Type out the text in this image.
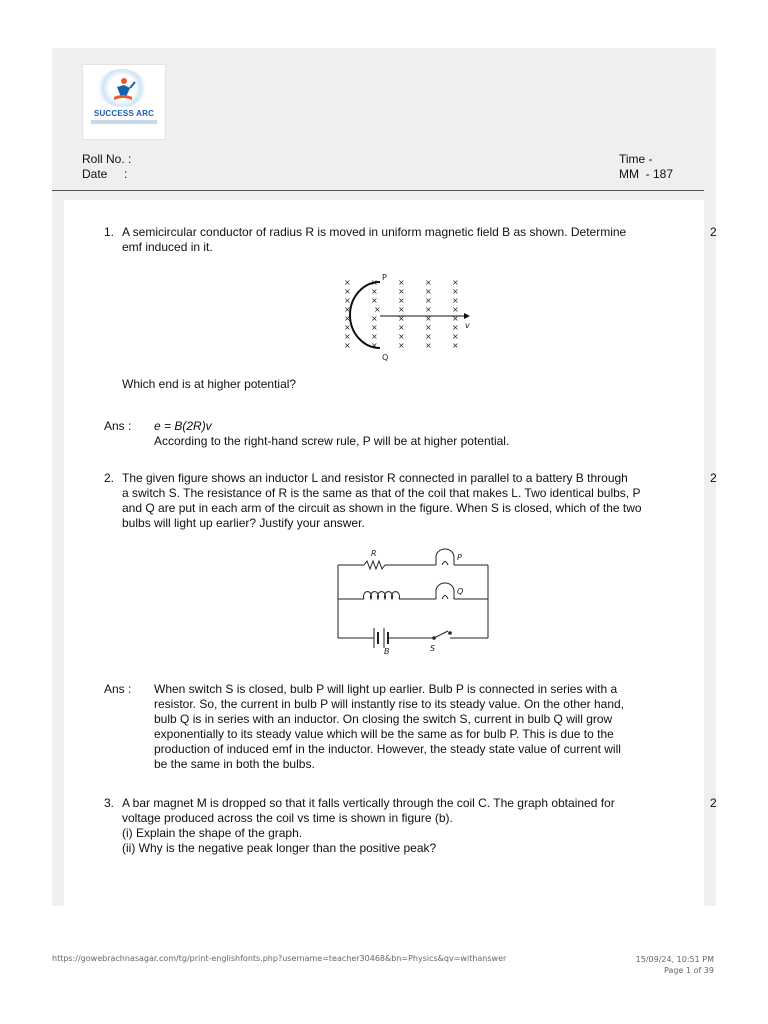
SUCCESS ARC
Roll No. :
Date     :
Time -
MM  - 187
1. A semicircular conductor of radius R is moved in uniform magnetic field B as shown. Determine
emf induced in it.
2
×	×	×	×	×
×	×	×	×	×
×	×	×	×	×
×	× ×	×	×
×	×	×	×	×
×	×	×	×	×
×	×	×	×	×
×	×	×	×	×
P
Q
v
Which end is at higher potential?
Ans : e = B(2R)v
According to the right-hand screw rule, P will be at higher potential.
2. The given figure shows an inductor L and resistor R connected in parallel to a battery B through
a switch S. The resistance of R is the same as that of the coil that makes L. Two identical bulbs, P
and Q are put in each arm of the circuit as shown in the figure. When S is closed, which of the two
bulbs will light up earlier? Justify your answer.
2
R	P
Q
B	S
Ans : When switch S is closed, bulb P will light up earlier. Bulb P is connected in series with a
resistor. So, the current in bulb P will instantly rise to its steady value. On the other hand,
bulb Q is in series with an inductor. On closing the switch S, current in bulb Q will grow
exponentially to its steady value which will be the same as for bulb P. This is due to the
production of induced emf in the inductor. However, the steady state value of current will
be the same in both the bulbs.
3. A bar magnet M is dropped so that it falls vertically through the coil C. The graph obtained for
voltage produced across the coil vs time is shown in figure (b).
(i) Explain the shape of the graph.
(ii) Why is the negative peak longer than the positive peak?
2
https://gowebrachnasagar.com/tg/print-englishfonts.php?username=teacher30468&bn=Physics&qv=withanswer	15/09/24, 10:51 PM
Page 1 of 39
